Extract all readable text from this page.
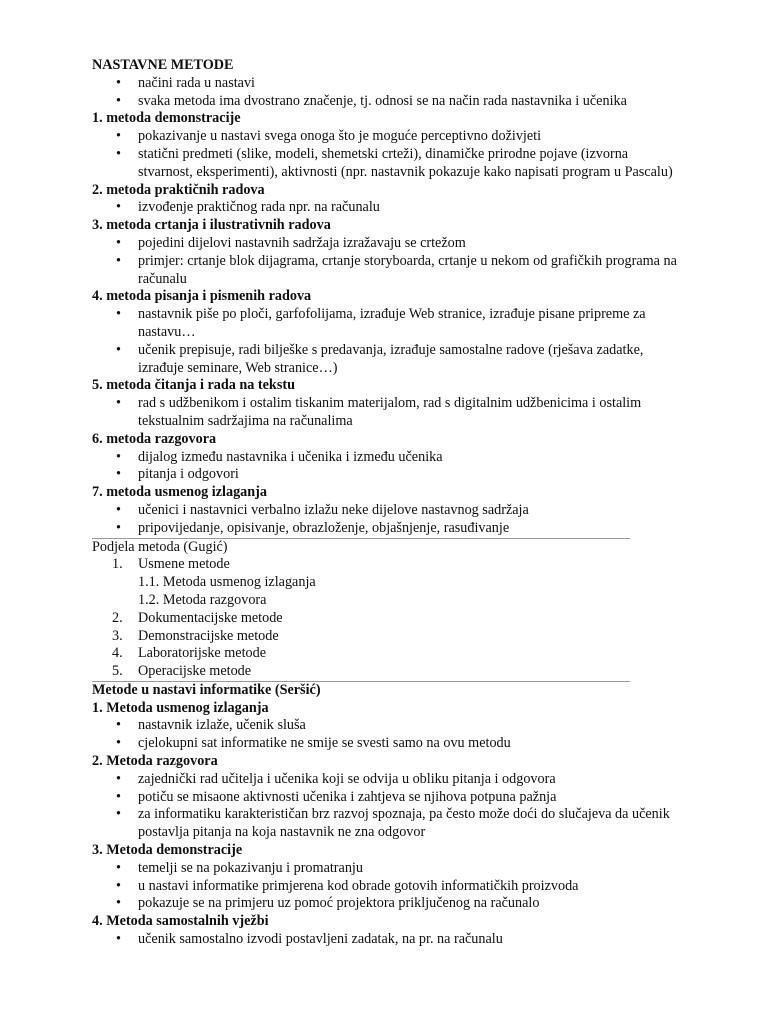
NASTAVNE METODE
• načini rada u nastavi
• svaka metoda ima dvostrano značenje, tj. odnosi se na način rada nastavnika i učenika
1. metoda demonstracije
• pokazivanje u nastavi svega onoga što je moguće perceptivno doživjeti
• statični predmeti (slike, modeli, shemetski crteži), dinamičke prirodne pojave (izvorna stvarnost, eksperimenti), aktivnosti (npr. nastavnik pokazuje kako napisati program u Pascalu)
2. metoda praktičnih radova
• izvođenje praktičnog rada npr. na računalu
3. metoda crtanja i ilustrativnih radova
• pojedini dijelovi nastavnih sadržaja izražavaju se crtežom
• primjer: crtanje blok dijagrama, crtanje storyboarda, crtanje u nekom od grafičkih programa na računalu
4. metoda pisanja i pismenih radova
• nastavnik piše po ploči, garfofolijama, izrađuje Web stranice, izrađuje pisane pripreme za nastavu…
• učenik prepisuje, radi bilješke s predavanja, izrađuje samostalne radove (rješava zadatke, izrađuje seminare, Web stranice…)
5. metoda čitanja i rada na tekstu
• rad s udžbenikom i ostalim tiskanim materijalom, rad s digitalnim udžbenicima i ostalim tekstualnim sadržajima na računalima
6. metoda razgovora
• dijalog između nastavnika i učenika i između učenika
• pitanja i odgovori
7. metoda usmenog izlaganja
• učenici i nastavnici verbalno izlažu neke dijelove nastavnog sadržaja
• pripovijedanje, opisivanje, obrazloženje, objašnjenje, rasuđivanje
Podjela metoda (Gugić)
1. Usmene metode
1.1. Metoda usmenog izlaganja
1.2. Metoda razgovora
2. Dokumentacijske metode
3. Demonstracijske metode
4. Laboratorijske metode
5. Operacijske metode
Metode u nastavi informatike (Seršić)
1. Metoda usmenog izlaganja
• nastavnik izlaže, učenik sluša
• cjelokupni sat informatike ne smije se svesti samo na ovu metodu
2. Metoda razgovora
• zajednički rad učitelja i učenika koji se odvija u obliku pitanja i odgovora
• potiču se misaone aktivnosti učenika i zahtjeva se njihova potpuna pažnja
• za informatiku karakterističan brz razvoj spoznaja, pa često može doći do slučajeva da učenik postavlja pitanja na koja nastavnik ne zna odgovor
3. Metoda demonstracije
• temelji se na pokazivanju i promatranju
• u nastavi informatike primjerena kod obrade gotovih informatičkih proizvoda
• pokazuje se na primjeru uz pomoć projektora priključenog na računalo
4. Metoda samostalnih vježbi
• učenik samostalno izvodi postavljeni zadatak, na pr. na računalu
